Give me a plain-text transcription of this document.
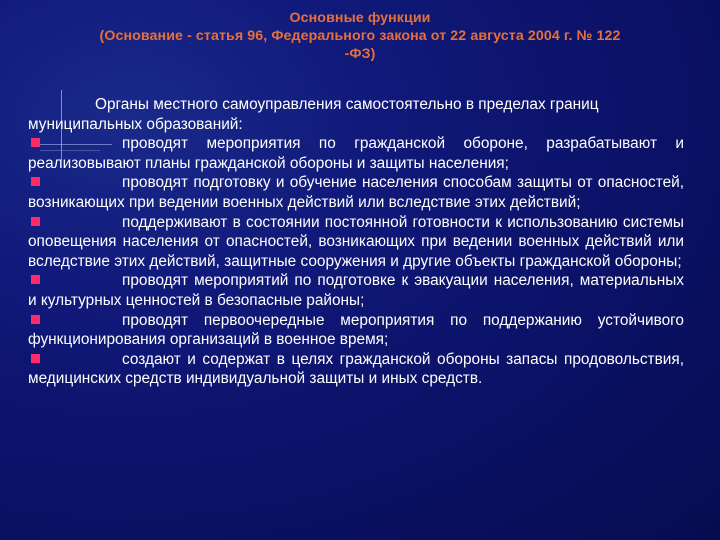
Основные функции
(Основание - статья 96, Федерального закона от 22 августа 2004 г. № 122
-ФЗ)
Органы местного самоуправления самостоятельно в пределах границ муниципальных образований:
проводят мероприятия по гражданской обороне, разрабатывают и реализовывают планы гражданской обороны и защиты населения;
проводят подготовку и обучение населения способам защиты от опасностей, возникающих при ведении военных действий или вследствие этих действий;
поддерживают в состоянии постоянной готовности к использованию системы оповещения населения от опасностей, возникающих при ведении военных действий или вследствие этих действий, защитные сооружения и другие объекты гражданской обороны;
проводят мероприятий по подготовке к эвакуации населения, материальных и культурных ценностей в безопасные районы;
проводят первоочередные мероприятия по поддержанию устойчивого функционирования организаций в военное время;
создают и содержат в целях гражданской обороны запасы продовольствия, медицинских средств индивидуальной защиты и иных средств.
